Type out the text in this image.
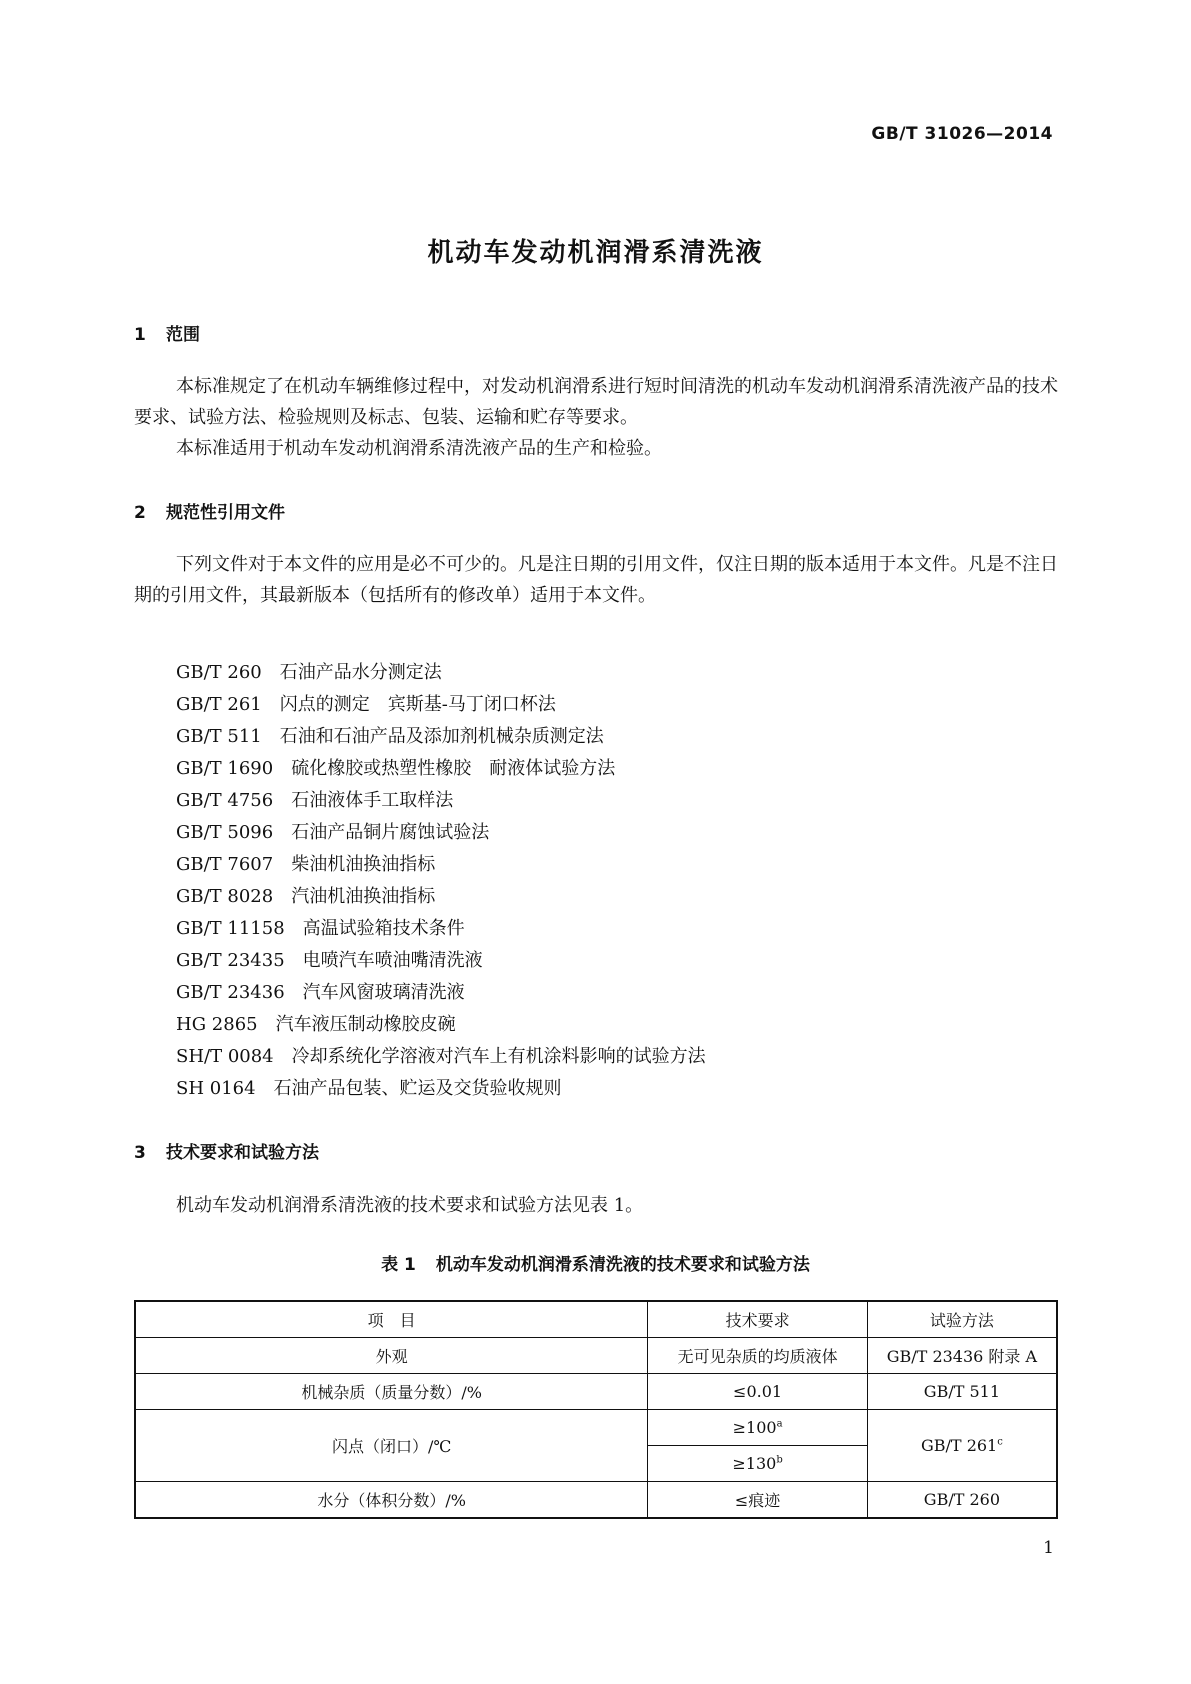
GB/T 31026—2014
机动车发动机润滑系清洗液
1 范围

本标准规定了在机动车辆维修过程中，对发动机润滑系进行短时间清洗的机动车发动机润滑系清洗液产品的技术要求、试验方法、检验规则及标志、包装、运输和贮存等要求。

本标准适用于机动车发动机润滑系清洗液产品的生产和检验。

2 规范性引用文件

下列文件对于本文件的应用是必不可少的。凡是注日期的引用文件，仅注日期的版本适用于本文件。凡是不注日期的引用文件，其最新版本（包括所有的修改单）适用于本文件。

GB/T 260 石油产品水分测定法
GB/T 261 闪点的测定　宾斯基-马丁闭口杯法
GB/T 511 石油和石油产品及添加剂机械杂质测定法
GB/T 1690 硫化橡胶或热塑性橡胶　耐液体试验方法
GB/T 4756 石油液体手工取样法
GB/T 5096 石油产品铜片腐蚀试验法
GB/T 7607 柴油机油换油指标
GB/T 8028 汽油机油换油指标
GB/T 11158 高温试验箱技术条件
GB/T 23435 电喷汽车喷油嘴清洗液
GB/T 23436 汽车风窗玻璃清洗液
HG 2865 汽车液压制动橡胶皮碗
SH/T 0084 冷却系统化学溶液对汽车上有机涂料影响的试验方法
SH 0164 石油产品包装、贮运及交货验收规则
3 技术要求和试验方法

机动车发动机润滑系清洗液的技术要求和试验方法见表 1。

表 1 机动车发动机润滑系清洗液的技术要求和试验方法
项　目	技术要求	试验方法
外观	无可见杂质的均质液体	GB/T 23436 附录 A
机械杂质（质量分数）/%	≤0.01	GB/T 511
闪点（闭口）/℃	$\ge 100^a$	GB/T 261$^c$
	$\ge 130^b$
水分（体积分数）/%	≤痕迹	GB/T 260
1
